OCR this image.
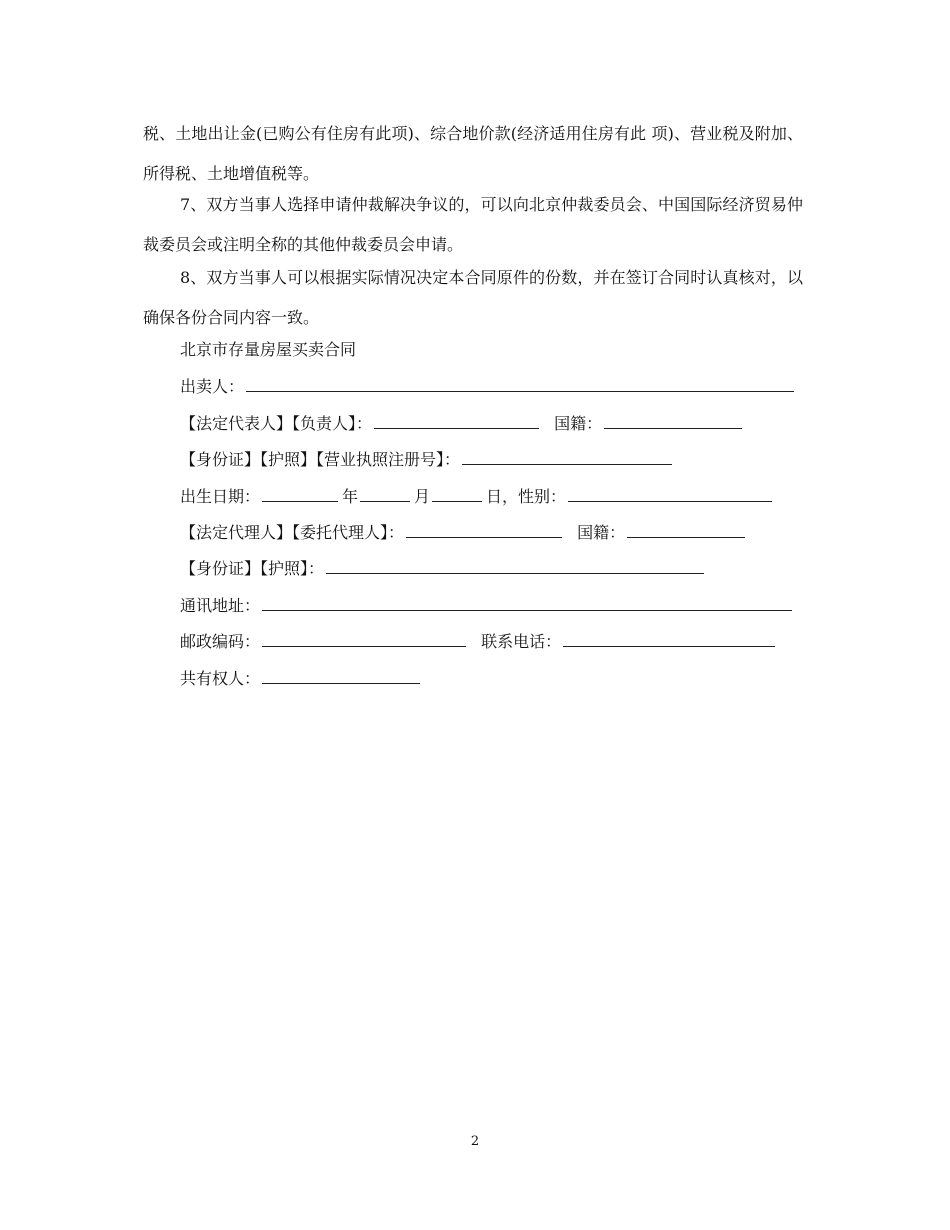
税、土地出让金(已购公有住房有此项)、综合地价款(经济适用住房有此 项)、营业税及附加、所得税、土地增值税等。

7、双方当事人选择申请仲裁解决争议的，可以向北京仲裁委员会、中国国际经济贸易仲裁委员会或注明全称的其他仲裁委员会申请。

8、双方当事人可以根据实际情况决定本合同原件的份数，并在签订合同时认真核对，以确保各份合同内容一致。

北京市存量房屋买卖合同
出卖人：
【法定代表人】【负责人】：	国籍：
【身份证】【护照】【营业执照注册号】：
出生日期：	年	月	日，性别：
【法定代理人】【委托代理人】：	国籍：
【身份证】【护照】：
通讯地址：
邮政编码：	联系电话：
共有权人：
2
